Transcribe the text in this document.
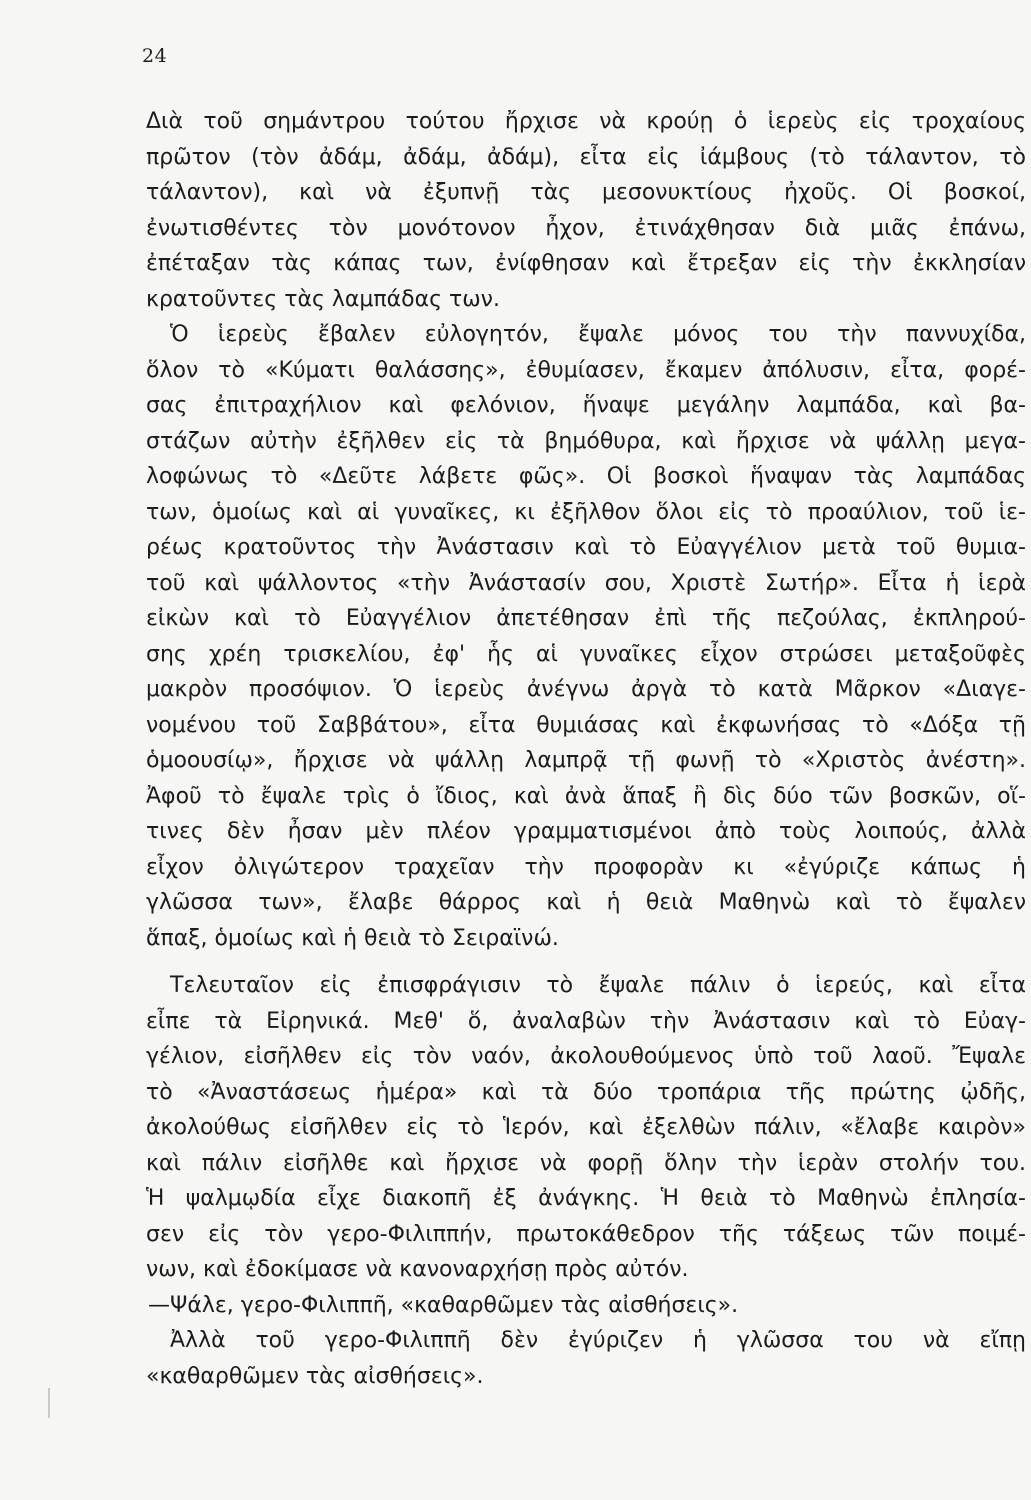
24
Διὰ τοῦ σημάντρου τούτου ἤρχισε νὰ κρούῃ ὁ ἱερεὺς εἰς τροχαίους
πρῶτον (τὸν ἀδάμ, ἀδάμ, ἀδάμ), εἶτα εἰς ἰάμβους (τὸ τάλαντον, τὸ
τάλαντον), καὶ νὰ ἐξυπνῇ τὰς μεσονυκτίους ἠχοῦς. Οἱ βοσκοί,
ἐνωτισθέντες τὸν μονότονον ἦχον, ἐτινάχθησαν διὰ μιᾶς ἐπάνω,
ἐπέταξαν τὰς κάπας των, ἐνίφθησαν καὶ ἔτρεξαν εἰς τὴν ἐκκλησίαν
κρατοῦντες τὰς λαμπάδας των.
Ὁ ἱερεὺς ἔβαλεν εὐλογητόν, ἔψαλε μόνος του τὴν παννυχίδα,
ὅλον τὸ «Κύματι θαλάσσης», ἐθυμίασεν, ἔκαμεν ἀπόλυσιν, εἶτα, φορέ-
σας ἐπιτραχήλιον καὶ φελόνιον, ἥναψε μεγάλην λαμπάδα, καὶ βα-
στάζων αὐτὴν ἐξῆλθεν εἰς τὰ βημόθυρα, καὶ ἤρχισε νὰ ψάλλῃ μεγα-
λοφώνως τὸ «Δεῦτε λάβετε φῶς». Οἱ βοσκοὶ ἥναψαν τὰς λαμπάδας
των, ὁμοίως καὶ αἱ γυναῖκες, κι ἐξῆλθον ὅλοι εἰς τὸ προαύλιον, τοῦ ἱε-
ρέως κρατοῦντος τὴν Ἀνάστασιν καὶ τὸ Εὐαγγέλιον μετὰ τοῦ θυμια-
τοῦ καὶ ψάλλοντος «τὴν Ἀνάστασίν σου, Χριστὲ Σωτήρ». Εἶτα ἡ ἱερὰ
εἰκὼν καὶ τὸ Εὐαγγέλιον ἀπετέθησαν ἐπὶ τῆς πεζούλας, ἐκπληρού-
σης χρέη τρισκελίου, ἐφ' ἧς αἱ γυναῖκες εἶχον στρώσει μεταξοῦφὲς
μακρὸν προσόψιον. Ὁ ἱερεὺς ἀνέγνω ἀργὰ τὸ κατὰ Μᾶρκον «Διαγε-
νομένου τοῦ Σαββάτου», εἶτα θυμιάσας καὶ ἐκφωνήσας τὸ «Δόξα τῇ
ὁμοουσίῳ», ἤρχισε νὰ ψάλλῃ λαμπρᾷ τῇ φωνῇ τὸ «Χριστὸς ἀνέστη».
Ἀφοῦ τὸ ἔψαλε τρὶς ὁ ἴδιος, καὶ ἀνὰ ἅπαξ ἢ δὶς δύο τῶν βοσκῶν, οἵ-
τινες δὲν ἦσαν μὲν πλέον γραμματισμένοι ἀπὸ τοὺς λοιπούς, ἀλλὰ
εἶχον ὀλιγώτερον τραχεῖαν τὴν προφορὰν κι «ἐγύριζε κάπως ἡ
γλῶσσα των», ἔλαβε θάρρος καὶ ἡ θειὰ Μαθηνὼ καὶ τὸ ἔψαλεν
ἅπαξ, ὁμοίως καὶ ἡ θειὰ τὸ Σειραϊνώ.
Τελευταῖον εἰς ἐπισφράγισιν τὸ ἔψαλε πάλιν ὁ ἱερεύς, καὶ εἶτα
εἶπε τὰ Εἰρηνικά. Μεθ' ὅ, ἀναλαβὼν τὴν Ἀνάστασιν καὶ τὸ Εὐαγ-
γέλιον, εἰσῆλθεν εἰς τὸν ναόν, ἀκολουθούμενος ὑπὸ τοῦ λαοῦ. Ἔψαλε
τὸ «Ἀναστάσεως ἡμέρα» καὶ τὰ δύο τροπάρια τῆς πρώτης ᾠδῆς,
ἀκολούθως εἰσῆλθεν εἰς τὸ Ἱερόν, καὶ ἐξελθὼν πάλιν, «ἔλαβε καιρὸν»
καὶ πάλιν εἰσῆλθε καὶ ἤρχισε νὰ φορῇ ὅλην τὴν ἱερὰν στολήν του.
Ἡ ψαλμῳδία εἶχε διακοπῆ ἐξ ἀνάγκης. Ἡ θειὰ τὸ Μαθηνὼ ἐπλησία-
σεν εἰς τὸν γερο-Φιλιππήν, πρωτοκάθεδρον τῆς τάξεως τῶν ποιμέ-
νων, καὶ ἐδοκίμασε νὰ κανοναρχήσῃ πρὸς αὐτόν.
—Ψάλε, γερο-Φιλιππῆ, «καθαρθῶμεν τὰς αἰσθήσεις».
Ἀλλὰ τοῦ γερο-Φιλιππῆ δὲν ἐγύριζεν ἡ γλῶσσα του νὰ εἴπῃ
«καθαρθῶμεν τὰς αἰσθήσεις».
